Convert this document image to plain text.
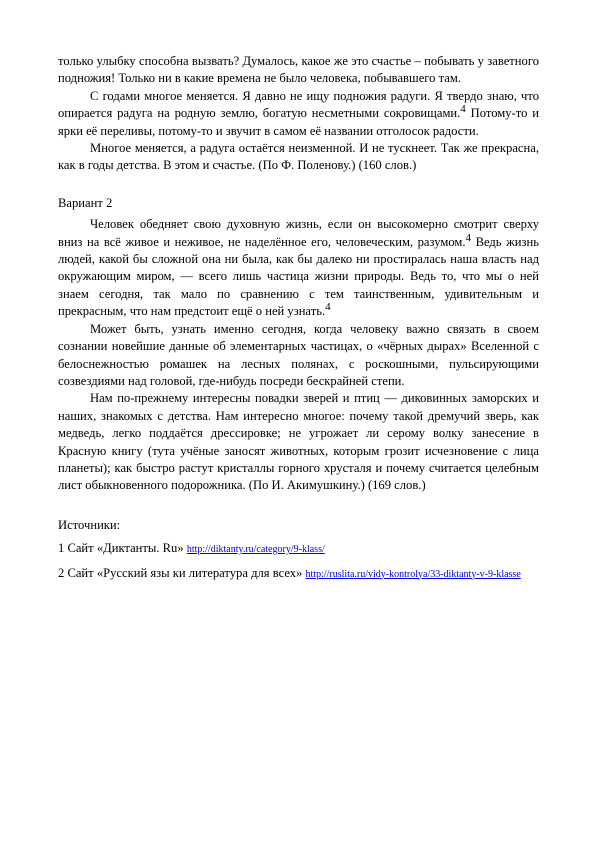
только улыбку способна вызвать? Думалось, какое же это счастье – побывать у заветного подножия! Только ни в какие времена не было человека, побывавшего там.

С годами многое меняется. Я давно не ищу подножия радуги. Я твердо знаю, что опирается радуга на родную землю, богатую несметными сокровищами.$^4$ Потому-то и ярки её переливы, потому-то и звучит в самом её названии отголосок радости.

Многое меняется, а радуга остаётся неизменной. И не тускнеет. Так же прекрасна, как в годы детства. В этом и счастье. (По Ф. Поленову.) (160 слов.)

Вариант 2

Человек обедняет свою духовную жизнь, если он высокомерно смотрит сверху вниз на всё живое и неживое, не наделённое его, человеческим, разумом.$^4$ Ведь жизнь людей, какой бы сложной она ни была, как бы далеко ни простиралась наша власть над окружающим миром, — всего лишь частица жизни природы. Ведь то, что мы о ней знаем сегодня, так мало по сравнению с тем таинственным, удивительным и прекрасным, что нам предстоит ещё о ней узнать.$^4$

Может быть, узнать именно сегодня, когда человеку важно связать в своем сознании новейшие данные об элементарных частицах, о «чёрных дырах» Вселенной с белоснежностью ромашек на лесных полянах, с роскошными, пульсирующими созвездиями над головой, где-нибудь посреди бескрайней степи.

Нам по-прежнему интересны повадки зверей и птиц — диковинных заморских и наших, знакомых с детства. Нам интересно многое: почему такой дремучий зверь, как медведь, легко поддаётся дрессировке; не угрожает ли серому волку занесение в Красную книгу (тута учёные заносят животных, которым грозит исчезновение с лица планеты); как быстро растут кристаллы горного хрусталя и почему считается целебным лист обыкновенного подорожника. (По И. Акимушкину.) (169 слов.)

Источники:

1 Сайт «Диктанты. Ru» http://diktanty.ru/category/9-klass/

2 Сайт «Русский язы ки литература для всех» http://ruslita.ru/vidy-kontrolya/33-diktanty-v-9-klasse
